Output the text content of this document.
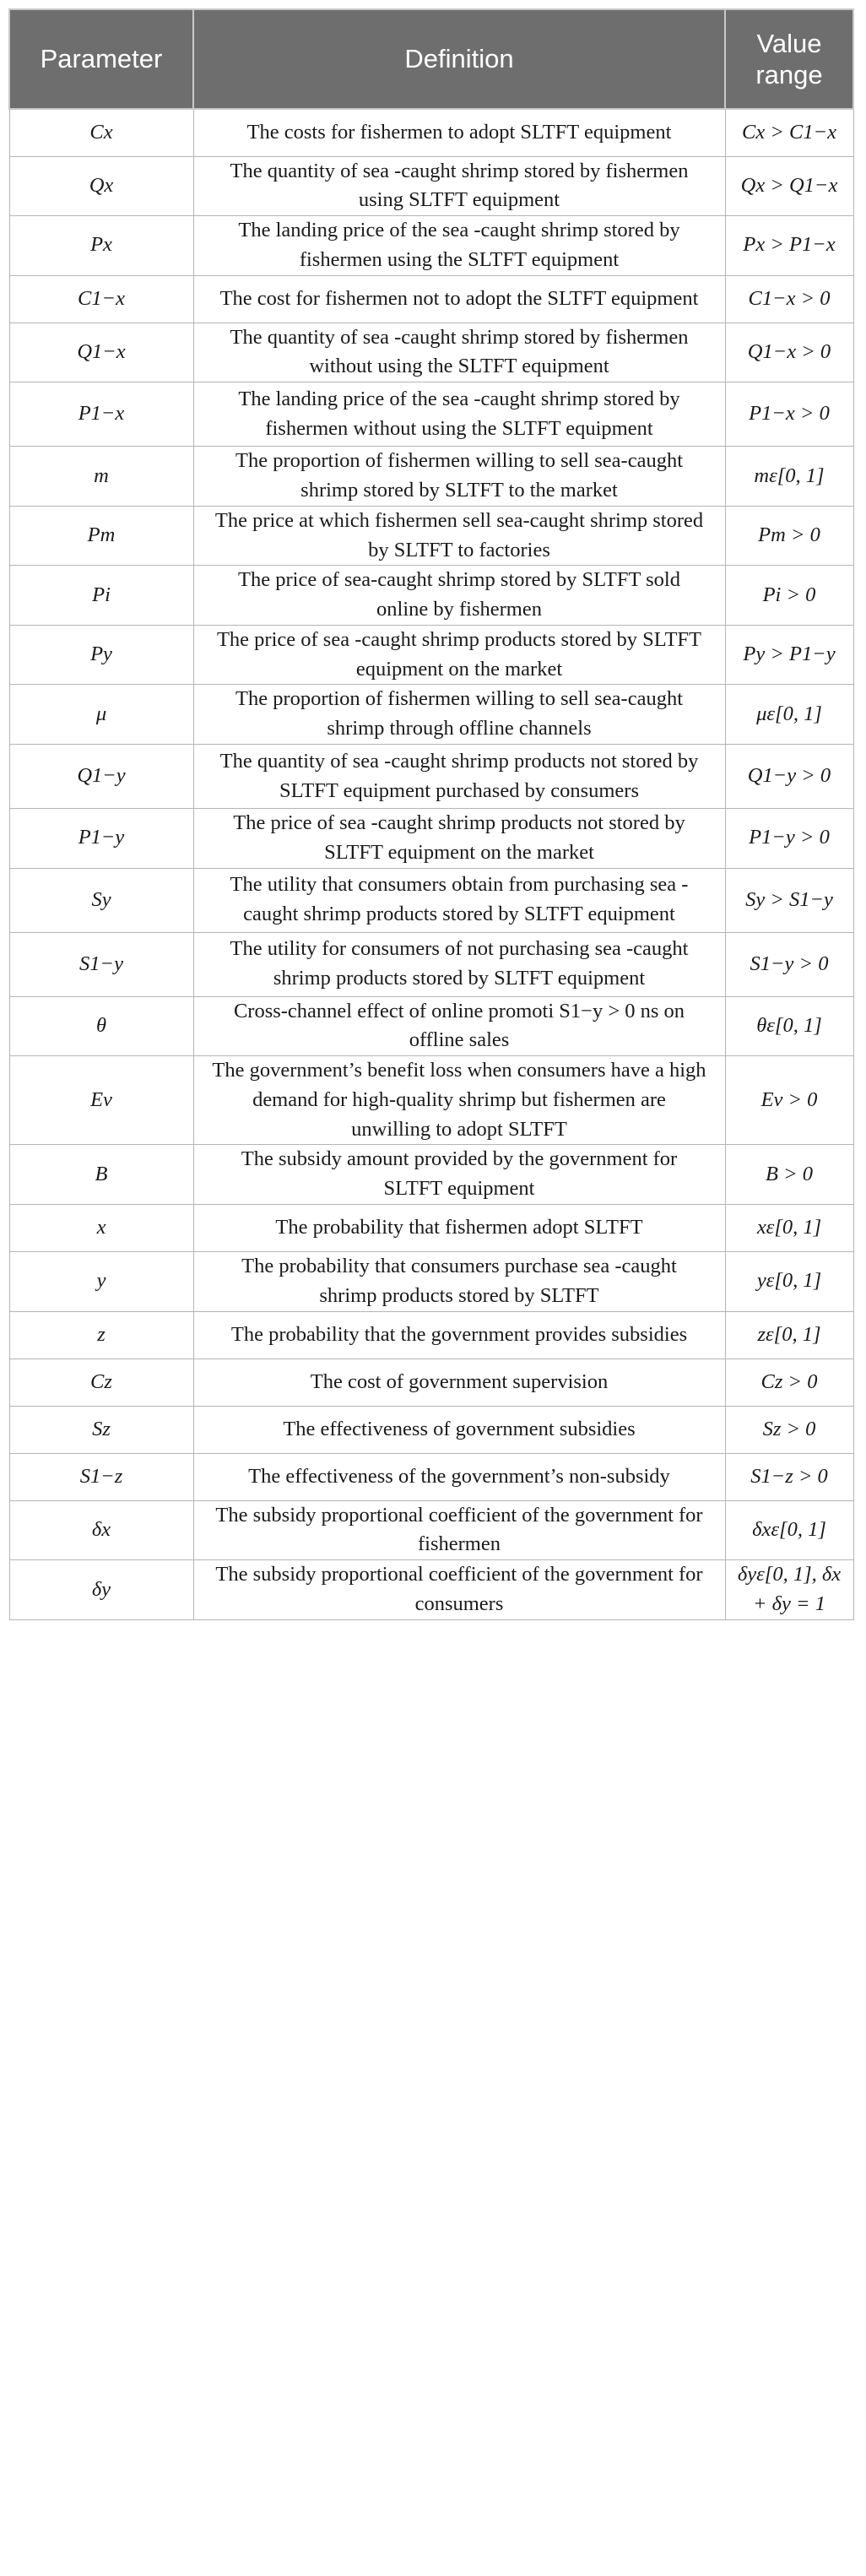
Parameter	Definition	Value range
Cx	The costs for fishermen to adopt SLTFT equipment	Cx > C1−x
Qx	The quantity of sea -caught shrimp stored by fishermen using SLTFT equipment	Qx > Q1−x
Px	The landing price of the sea -caught shrimp stored by fishermen using the SLTFT equipment	Px > P1−x
C1−x	The cost for fishermen not to adopt the SLTFT equipment	C1−x > 0
Q1−x	The quantity of sea -caught shrimp stored by fishermen without using the SLTFT equipment	Q1−x > 0
P1−x	The landing price of the sea -caught shrimp stored by fishermen without using the SLTFT equipment	P1−x > 0
m	The proportion of fishermen willing to sell sea-caught shrimp stored by SLTFT to the market	mε[0, 1]
Pm	The price at which fishermen sell sea-caught shrimp stored by SLTFT to factories	Pm > 0
Pi	The price of sea-caught shrimp stored by SLTFT sold online by fishermen	Pi > 0
Py	The price of sea -caught shrimp products stored by SLTFT equipment on the market	Py > P1−y
μ	The proportion of fishermen willing to sell sea-caught shrimp through offline channels	με[0, 1]
Q1−y	The quantity of sea -caught shrimp products not stored by SLTFT equipment purchased by consumers	Q1−y > 0
P1−y	The price of sea -caught shrimp products not stored by SLTFT equipment on the market	P1−y > 0
Sy	The utility that consumers obtain from purchasing sea -caught shrimp products stored by SLTFT equipment	Sy > S1−y
S1−y	The utility for consumers of not purchasing sea -caught shrimp products stored by SLTFT equipment	S1−y > 0
θ	Cross-channel effect of online promoti S1−y > 0 ns on offline sales	θε[0, 1]
Ev	The government’s benefit loss when consumers have a high demand for high-quality shrimp but fishermen are unwilling to adopt SLTFT	Ev > 0
B	The subsidy amount provided by the government for SLTFT equipment	B > 0
x	The probability that fishermen adopt SLTFT	xε[0, 1]
y	The probability that consumers purchase sea -caught shrimp products stored by SLTFT	yε[0, 1]
z	The probability that the government provides subsidies	zε[0, 1]
Cz	The cost of government supervision	Cz > 0
Sz	The effectiveness of government subsidies	Sz > 0
S1−z	The effectiveness of the government’s non-subsidy	S1−z > 0
δx	The subsidy proportional coefficient of the government for fishermen	δxε[0, 1]
δy	The subsidy proportional coefficient of the government for consumers	δyε[0, 1], δx + δy = 1
